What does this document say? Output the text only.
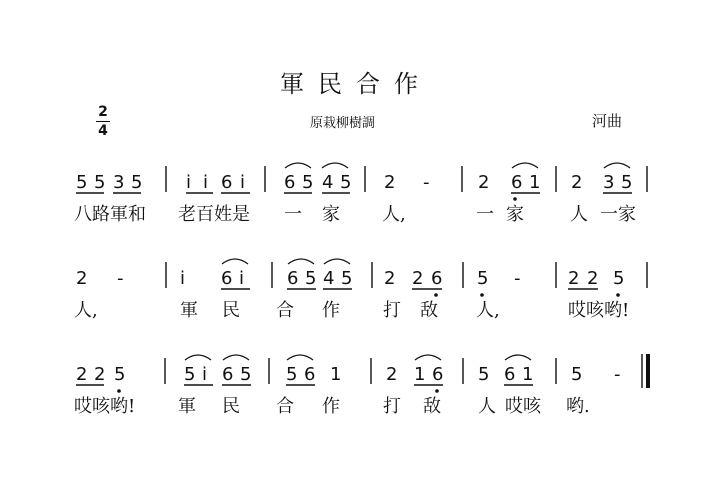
軍民合作
原栽柳樹調	河曲
2
4
5 5 3 5 i i 6 i 6 5 4 5 2 -	2 6 1 2 3 5
八路軍和 老百姓是 一 家 人,	一 家	人 一家
2 -	i 6 i 6 5 4 5 2 2 6 5 -	2 2 5
人,	軍 民 合 作 打 敌 人,	哎咳哟!
2 2 5	5 i 6 5 5 6 1 2 1 6 5 6 1 5 -
哎咳哟! 軍 民 合 作 打 敌 人 哎咳 哟.
